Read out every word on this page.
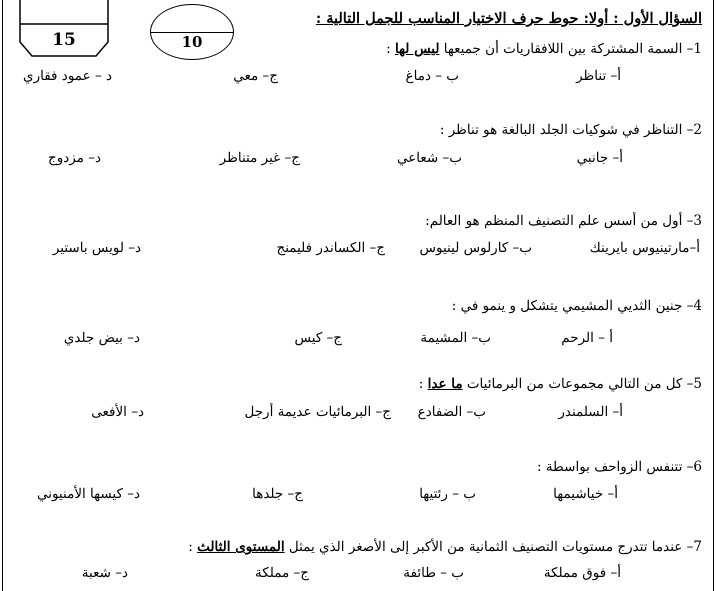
15	10
السؤال الأول : أولا: حوط حرف الاختيار المناسب للجمل التالية :
1– السمة المشتركة بين اللافقاريات أن جميعها ليس لها :
أ– تناظر
ب – دماغ
ج– معي
د – عمود فقاري
2– التناظر في شوكيات الجلد البالغة هو تناظر :
أ– جانبي
ب– شعاعي
ج– غير متناظر
د– مزدوج
3– أول من أسس علم التصنيف المنظم هو العالم:
أ–مارتينيوس بايرينك
ب– كارلوس لينيوس
ج– الكساندر فليمنج
د– لويس باستير
4– جنين الثديي المشيمي يتشكل و ينمو في :
أ – الرحم
ب– المشيمة
ج– كيس
د– بيض جلدي
5– كل من التالي مجموعات من البرمائيات ما عدا :
أ– السلمندر
ب– الضفادع
ج– البرمائيات عديمة أرجل
د– الأفعى
6– تتنفس الزواحف بواسطة :
أ– خياشيمها
ب – رئتيها
ج– جلدها
د– كيسها الأمنيوني
7– عندما تتدرج مستويات التصنيف الثمانية من الأكبر إلى الأصغر الذي يمثل المستوى الثالث :
أ– فوق مملكة
ب – طائفة
ج– مملكة
د– شعبة
